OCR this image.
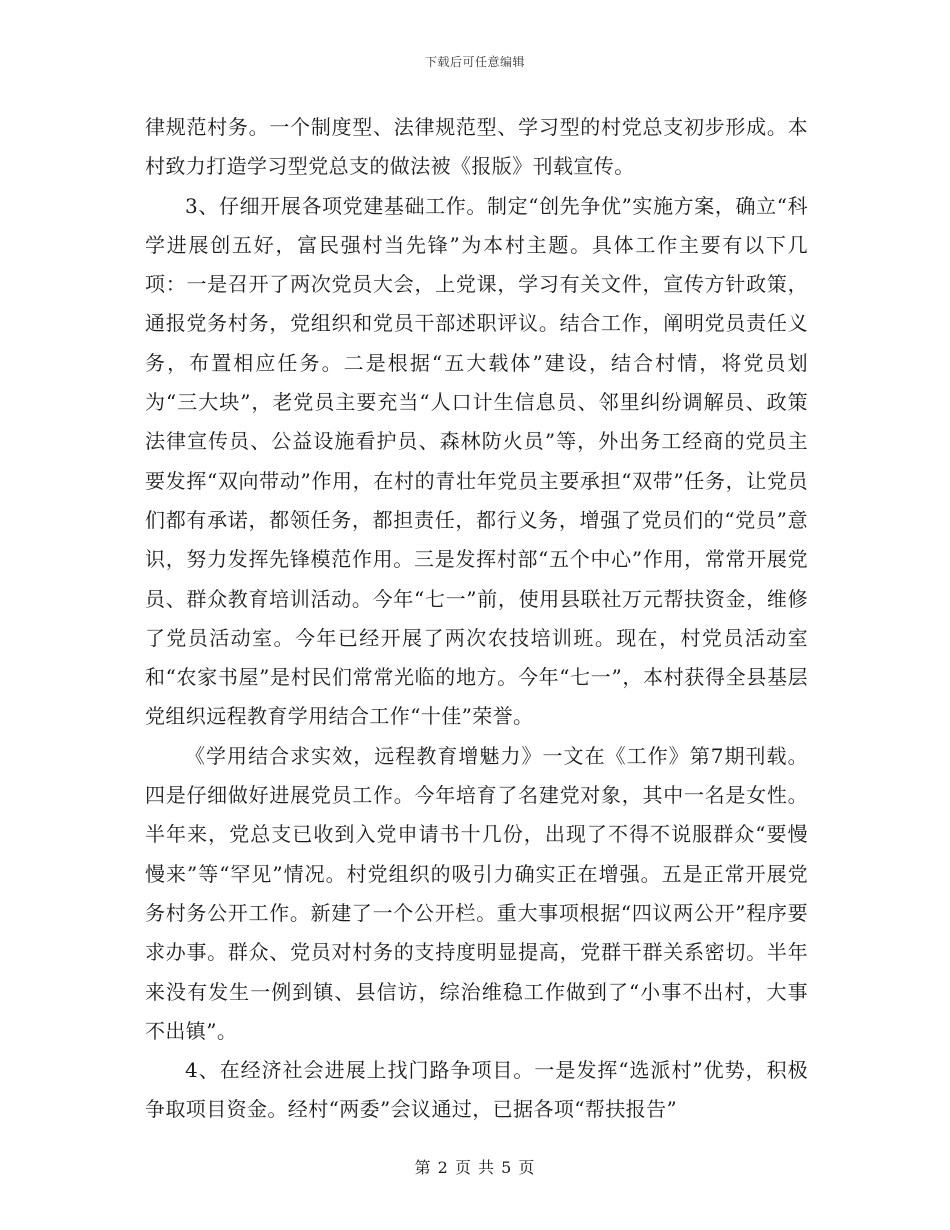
下载后可任意编辑

律规范村务。一个制度型、法律规范型、学习型的村党总支初步形成。本村致力打造学习型党总支的做法被《报版》刊载宣传。

3、仔细开展各项党建基础工作。制定“创先争优”实施方案，确立“科学进展创五好，富民强村当先锋”为本村主题。具体工作主要有以下几项：一是召开了两次党员大会，上党课，学习有关文件，宣传方针政策，通报党务村务，党组织和党员干部述职评议。结合工作，阐明党员责任义务，布置相应任务。二是根据“五大载体”建设，结合村情，将党员划为“三大块”，老党员主要充当“人口计生信息员、邻里纠纷调解员、政策法律宣传员、公益设施看护员、森林防火员”等，外出务工经商的党员主要发挥“双向带动”作用，在村的青壮年党员主要承担“双带”任务，让党员们都有承诺，都领任务，都担责任，都行义务，增强了党员们的“党员”意识，努力发挥先锋模范作用。三是发挥村部“五个中心”作用，常常开展党员、群众教育培训活动。今年“七一”前，使用县联社万元帮扶资金，维修了党员活动室。今年已经开展了两次农技培训班。现在，村党员活动室和“农家书屋”是村民们常常光临的地方。今年“七一”，本村获得全县基层党组织远程教育学用结合工作“十佳”荣誉。

《学用结合求实效，远程教育增魅力》一文在《工作》第7期刊载。四是仔细做好进展党员工作。今年培育了名建党对象，其中一名是女性。半年来，党总支已收到入党申请书十几份，出现了不得不说服群众“要慢慢来”等“罕见”情况。村党组织的吸引力确实正在增强。五是正常开展党务村务公开工作。新建了一个公开栏。重大事项根据“四议两公开”程序要求办事。群众、党员对村务的支持度明显提高，党群干群关系密切。半年来没有发生一例到镇、县信访，综治维稳工作做到了“小事不出村，大事不出镇”。

4、在经济社会进展上找门路争项目。一是发挥“选派村”优势，积极争取项目资金。经村“两委”会议通过，已据各项“帮扶报告”

第 2 页 共 5 页
